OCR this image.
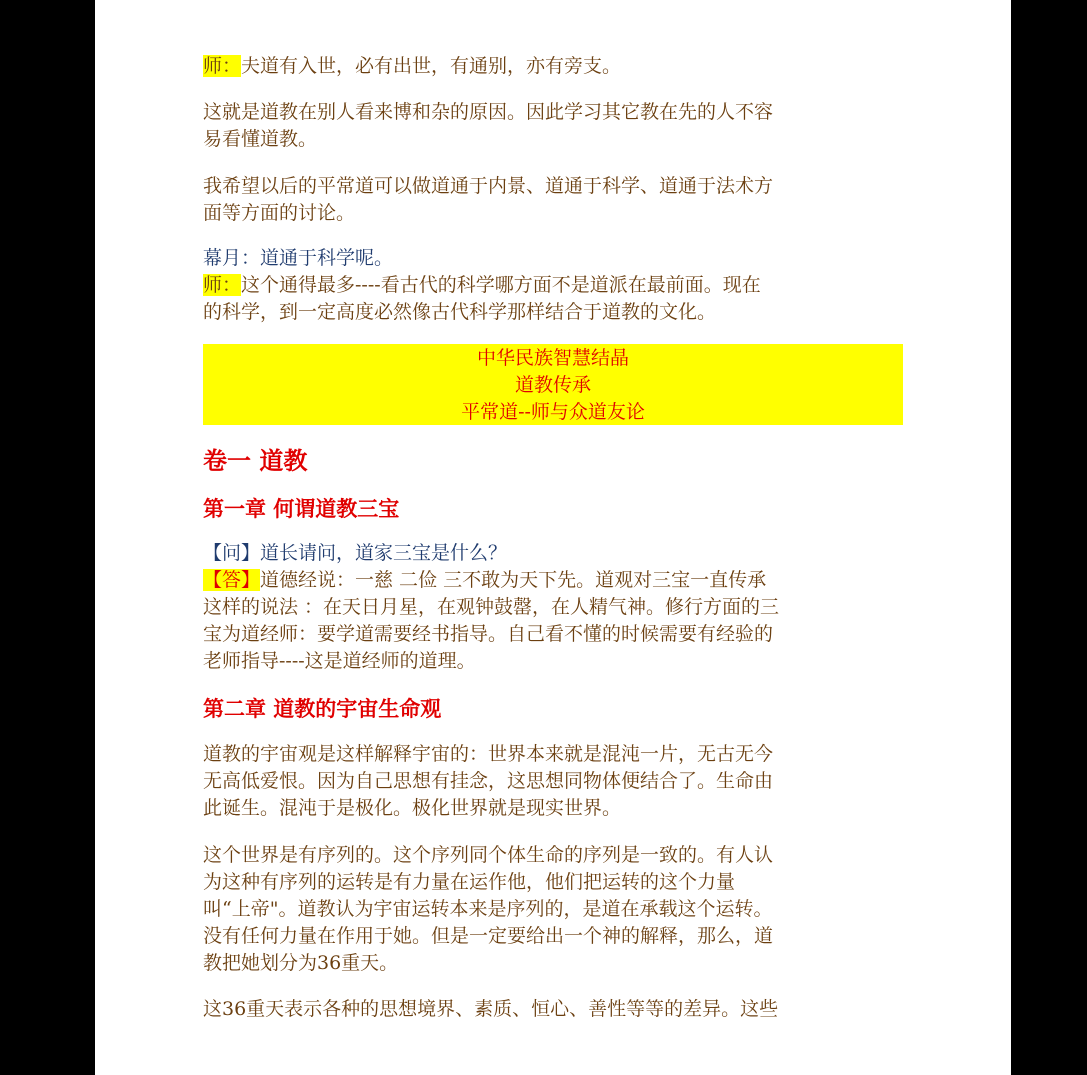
师：夫道有入世，必有出世，有通别，亦有旁支。

这就是道教在别人看来博和杂的原因。因此学习其它教在先的人不容
易看懂道教。

我希望以后的平常道可以做道通于内景、道通于科学、道通于法术方
面等方面的讨论。

幕月：道通于科学呢。
师：这个通得最多----看古代的科学哪方面不是道派在最前面。现在
的科学，到一定高度必然像古代科学那样结合于道教的文化。

中华民族智慧结晶
道教传承
平常道--师与众道友论
卷一 道教
第一章 何谓道教三宝

【问】道长请问，道家三宝是什么？
【答】道德经说：一慈 二俭 三不敢为天下先。道观对三宝一直传承
这样的说法 ：在天日月星，在观钟鼓罄，在人精气神。修行方面的三
宝为道经师：要学道需要经书指导。自己看不懂的时候需要有经验的
老师指导----这是道经师的道理。

第二章 道教的宇宙生命观

道教的宇宙观是这样解释宇宙的：世界本来就是混沌一片，无古无今
无高低爱恨。因为自己思想有挂念，这思想同物体便结合了。生命由
此诞生。混沌于是极化。极化世界就是现实世界。

这个世界是有序列的。这个序列同个体生命的序列是一致的。有人认
为这种有序列的运转是有力量在运作他，他们把运转的这个力量
叫“上帝"。道教认为宇宙运转本来是序列的，是道在承载这个运转。
没有任何力量在作用于她。但是一定要给出一个神的解释，那么，道
教把她划分为36重天。

这36重天表示各种的思想境界、素质、恒心、善性等等的差异。这些
